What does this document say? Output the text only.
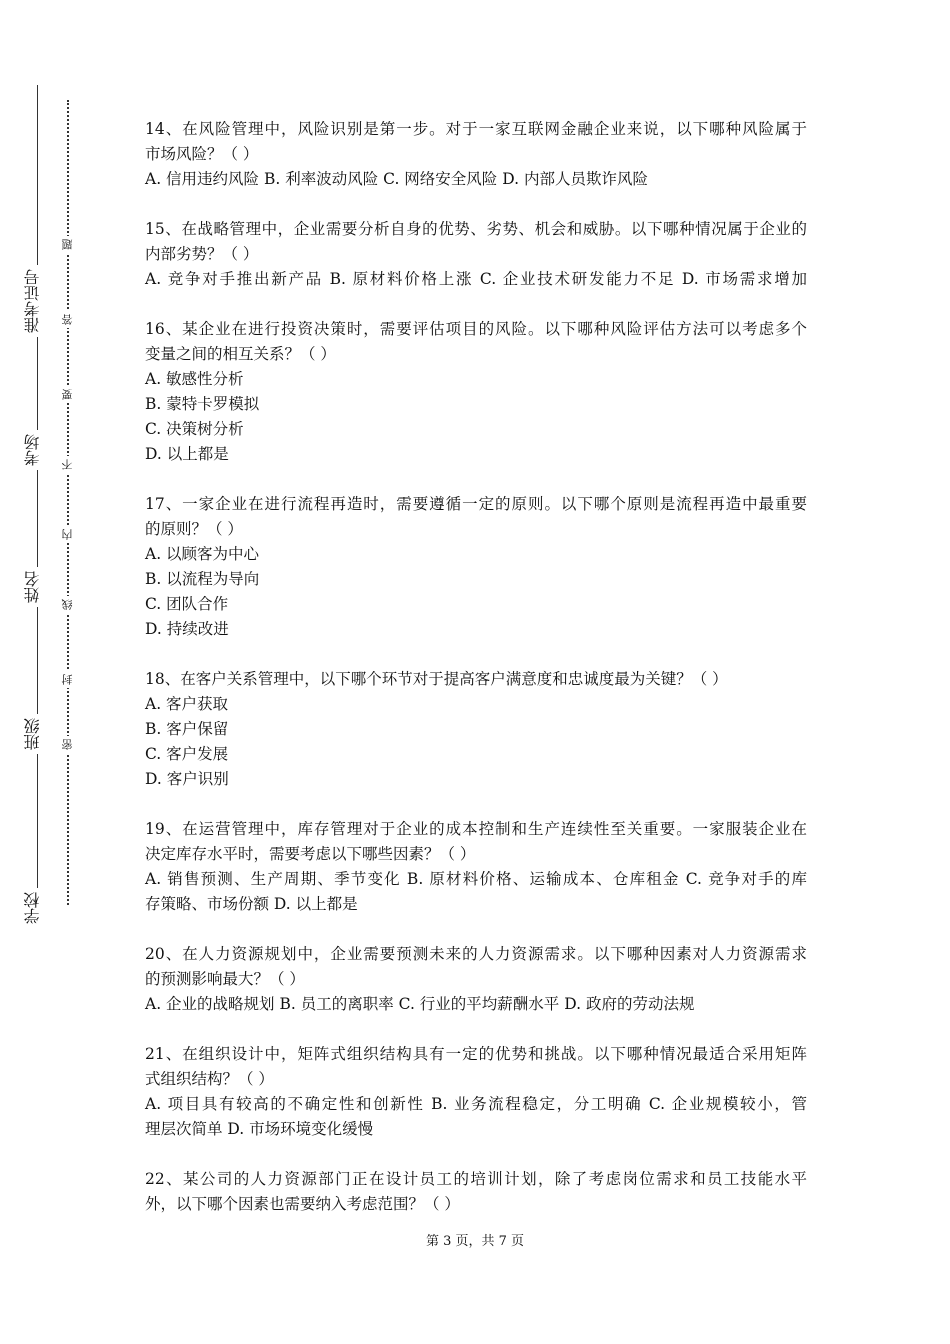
准考证号
考场
姓名
班级
学校
题
答
要
不
内
线
封
密
14、在风险管理中，风险识别是第一步。对于一家互联网金融企业来说，以下哪种风险属于
市场风险？（ ）
A. 信用违约风险 B. 利率波动风险 C. 网络安全风险 D. 内部人员欺诈风险
15、在战略管理中，企业需要分析自身的优势、劣势、机会和威胁。以下哪种情况属于企业的
内部劣势？（ ）
A. 竞争对手推出新产品 B. 原材料价格上涨 C. 企业技术研发能力不足 D. 市场需求增加
16、某企业在进行投资决策时，需要评估项目的风险。以下哪种风险评估方法可以考虑多个
变量之间的相互关系？（ ）
A. 敏感性分析
B. 蒙特卡罗模拟
C. 决策树分析
D. 以上都是
17、一家企业在进行流程再造时，需要遵循一定的原则。以下哪个原则是流程再造中最重要
的原则？（ ）
A. 以顾客为中心
B. 以流程为导向
C. 团队合作
D. 持续改进
18、在客户关系管理中，以下哪个环节对于提高客户满意度和忠诚度最为关键？（ ）
A. 客户获取
B. 客户保留
C. 客户发展
D. 客户识别
19、在运营管理中，库存管理对于企业的成本控制和生产连续性至关重要。一家服装企业在
决定库存水平时，需要考虑以下哪些因素？（ ）
A. 销售预测、生产周期、季节变化 B. 原材料价格、运输成本、仓库租金 C. 竞争对手的库
存策略、市场份额 D. 以上都是
20、在人力资源规划中，企业需要预测未来的人力资源需求。以下哪种因素对人力资源需求
的预测影响最大？（ ）
A. 企业的战略规划 B. 员工的离职率 C. 行业的平均薪酬水平 D. 政府的劳动法规
21、在组织设计中，矩阵式组织结构具有一定的优势和挑战。以下哪种情况最适合采用矩阵
式组织结构？（ ）
A. 项目具有较高的不确定性和创新性 B. 业务流程稳定，分工明确 C. 企业规模较小，管
理层次简单 D. 市场环境变化缓慢
22、某公司的人力资源部门正在设计员工的培训计划，除了考虑岗位需求和员工技能水平
外，以下哪个因素也需要纳入考虑范围？（ ）
第 3 页，共 7 页
